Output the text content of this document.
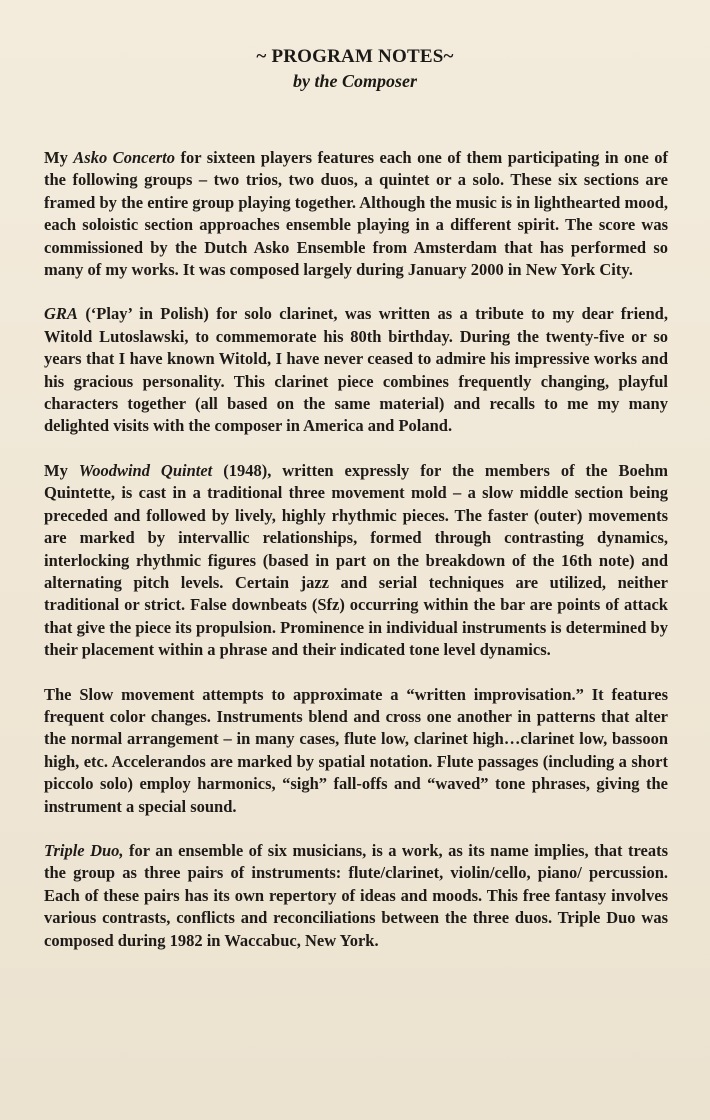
~ PROGRAM NOTES~

by the Composer

My Asko Concerto for sixteen players features each one of them participating in one of the following groups – two trios, two duos, a quintet or a solo. These six sections are framed by the entire group playing together. Although the music is in lighthearted mood, each soloistic section approaches ensemble playing in a different spirit. The score was commissioned by the Dutch Asko Ensemble from Amsterdam that has performed so many of my works. It was composed largely during January 2000 in New York City.

GRA (‘Play’ in Polish) for solo clarinet, was written as a tribute to my dear friend, Witold Lutoslawski, to commemorate his 80th birthday. During the twenty-five or so years that I have known Witold, I have never ceased to admire his impressive works and his gracious personality. This clarinet piece combines frequently changing, playful characters together (all based on the same material) and recalls to me my many delighted visits with the composer in America and Poland.

My Woodwind Quintet (1948), written expressly for the members of the Boehm Quintette, is cast in a traditional three movement mold – a slow middle section being preceded and followed by lively, highly rhythmic pieces. The faster (outer) movements are marked by intervallic relationships, formed through contrasting dynamics, interlocking rhythmic figures (based in part on the breakdown of the 16th note) and alternating pitch levels. Certain jazz and serial techniques are utilized, neither traditional or strict. False downbeats (Sfz) occurring within the bar are points of attack that give the piece its propulsion. Prominence in individual instruments is determined by their placement within a phrase and their indicated tone level dynamics.

The Slow movement attempts to approximate a “written improvisation.” It features frequent color changes. Instruments blend and cross one another in patterns that alter the normal arrangement – in many cases, flute low, clarinet high…clarinet low, bassoon high, etc. Accelerandos are marked by spatial notation. Flute passages (including a short piccolo solo) employ harmonics, “sigh” fall-offs and “waved” tone phrases, giving the instrument a special sound.

Triple Duo, for an ensemble of six musicians, is a work, as its name implies, that treats the group as three pairs of instruments: flute/clarinet, violin/cello, piano/ percussion. Each of these pairs has its own repertory of ideas and moods. This free fantasy involves various contrasts, conflicts and reconciliations between the three duos. Triple Duo was composed during 1982 in Waccabuc, New York.
